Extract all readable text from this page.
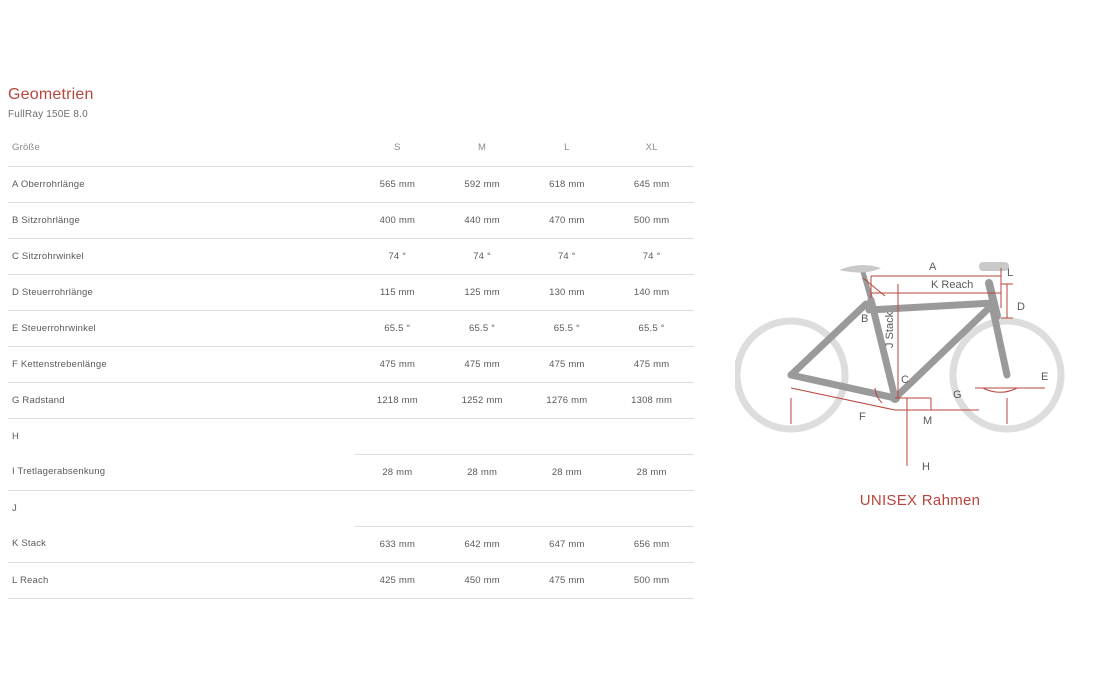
Geometrien
FullRay 150E 8.0
Größe	S	M	L	XL
A Oberrohrlänge	565 mm	592 mm	618 mm	645 mm
B Sitzrohrlänge	400 mm	440 mm	470 mm	500 mm
C Sitzrohrwinkel	74 °	74 °	74 °	74 °
D Steuerrohrlänge	115 mm	125 mm	130 mm	140 mm
E Steuerrohrwinkel	65.5 °	65.5 °	65.5 °	65.5 °
F Kettenstrebenlänge	475 mm	475 mm	475 mm	475 mm
G Radstand	1218 mm	1252 mm	1276 mm	1308 mm
H				
I Tretlagerabsenkung	28 mm	28 mm	28 mm	28 mm
J				
K Stack	633 mm	642 mm	647 mm	656 mm
L Reach	425 mm	450 mm	475 mm	500 mm
A
B
C
D
E
F
G
H
L
M
K Reach
J Stack
UNISEX Rahmen
